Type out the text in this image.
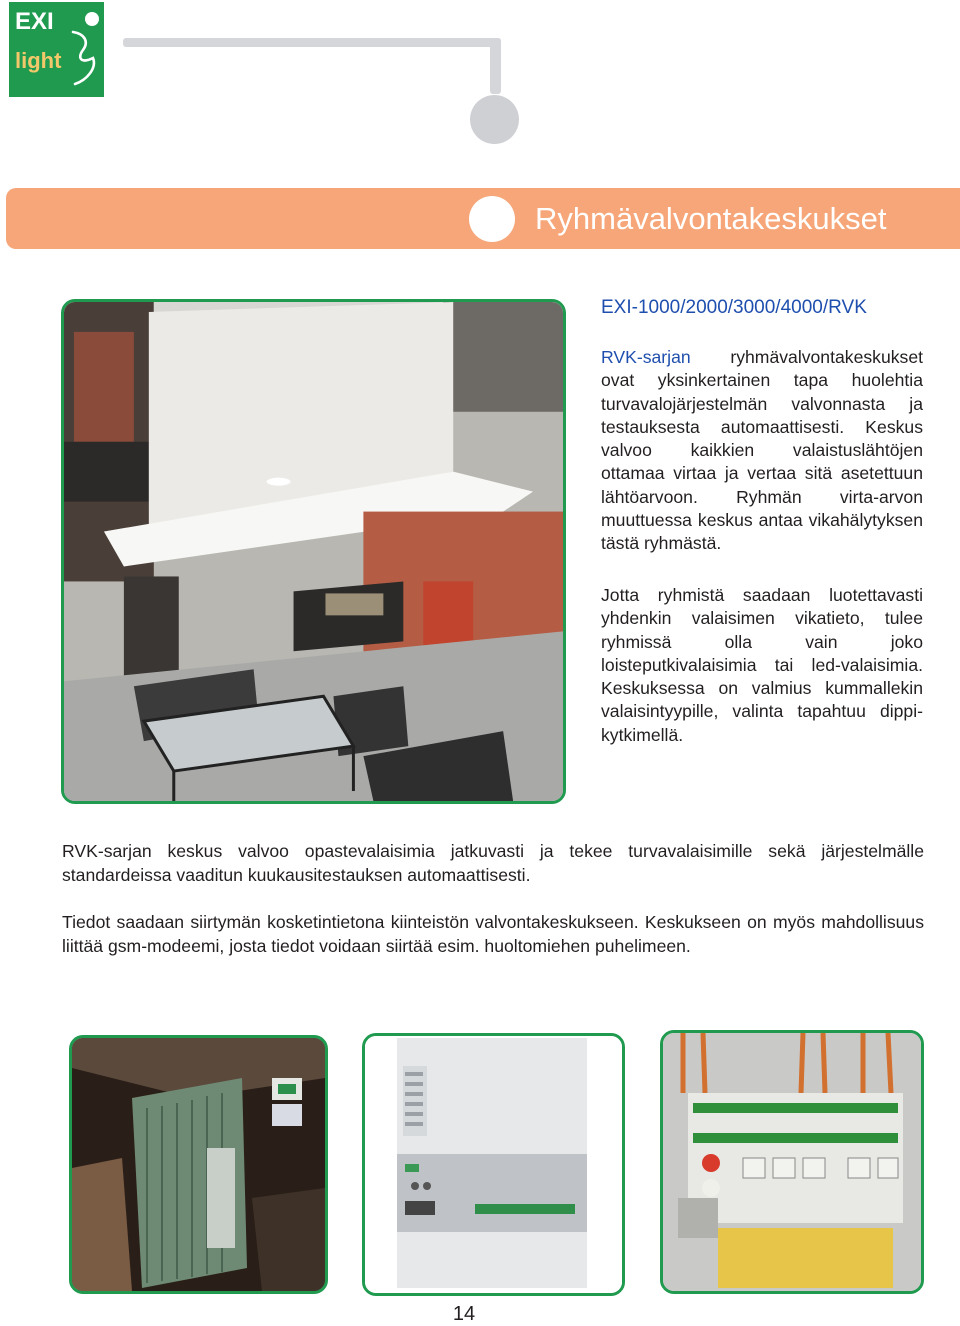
EXI
light
Ryhmävalvontakeskukset
EXI-1000/2000/3000/4000/RVK
RVK-sarjan ryhmävalvontakeskukset ovat yksinkertainen tapa huolehtia turvavalojärjestelmän valvonnasta ja testauksesta automaattisesti. Keskus valvoo kaikkien valaistuslähtöjen ottamaa virtaa ja vertaa sitä asetettuun lähtöarvoon. Ryhmän virta-arvon muuttuessa keskus antaa vikahälytyksen tästä ryhmästä.
Jotta ryhmistä saadaan luotettavasti yhdenkin valaisimen vikatieto, tulee ryhmissä olla vain joko loisteputkivalaisimia tai led-valaisimia. Keskuksessa on valmius kummallekin valaisintyypille, valinta tapahtuu dippi-kytkimellä.
RVK-sarjan keskus valvoo opastevalaisimia jatkuvasti ja tekee turvavalaisimille sekä järjestelmälle standardeissa vaaditun kuukausitestauksen automaattisesti.
Tiedot saadaan siirtymän kosketintietona kiinteistön valvontakeskukseen. Keskukseen on myös mahdollisuus liittää gsm-modeemi, josta tiedot voidaan siirtää esim. huoltomiehen puhelimeen.
14
